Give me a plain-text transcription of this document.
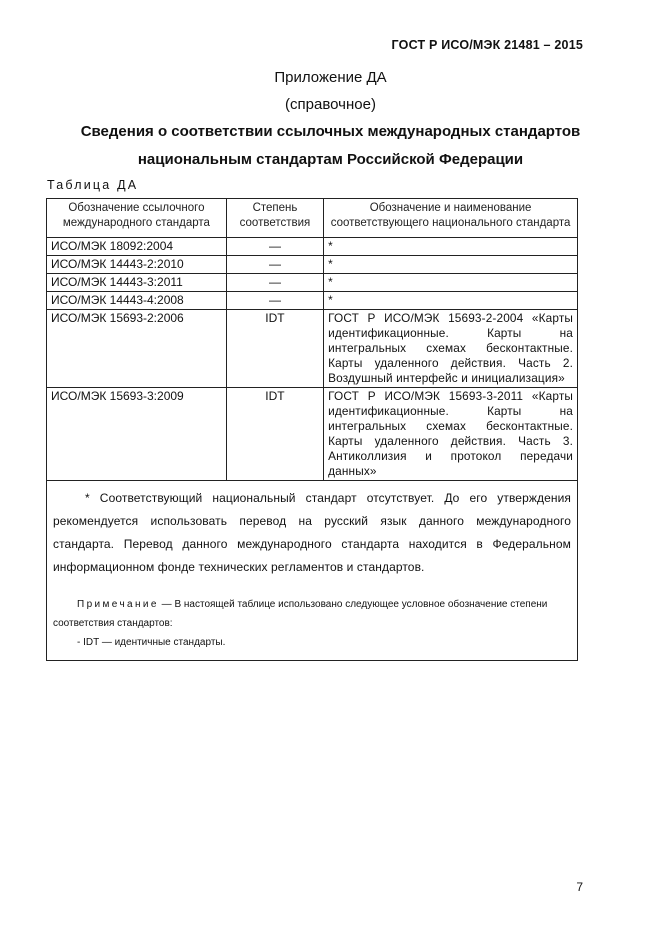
ГОСТ Р ИСО/МЭК 21481 – 2015
Приложение ДА
(справочное)
Сведения о соответствии ссылочных международных стандартов
национальным стандартам Российской Федерации
Таблица ДА
Обозначение ссылочного международного стандарта	Степень соответствия	Обозначение и наименование соответствующего национального стандарта
ИСО/МЭК 18092:2004	—	*
ИСО/МЭК 14443-2:2010	—	*
ИСО/МЭК 14443-3:2011	—	*
ИСО/МЭК 14443-4:2008	—	*
ИСО/МЭК 15693-2:2006	IDT	ГОСТ Р ИСО/МЭК 15693-2-2004 «Карты идентификационные. Карты на интегральных схемах бесконтактные. Карты удаленного действия. Часть 2. Воздушный интерфейс и инициализация»
ИСО/МЭК 15693-3:2009	IDT	ГОСТ Р ИСО/МЭК 15693-3-2011 «Карты идентификационные. Карты на интегральных схемах бесконтактные. Карты удаленного действия. Часть 3. Антиколлизия и протокол передачи данных»

* Соответствующий национальный стандарт отсутствует. До его утверждения рекомендуется использовать перевод на русский язык данного международного стандарта. Перевод данного международного стандарта находится в Федеральном информационном фонде технических регламентов и стандартов.
Примечание — В настоящей таблице использовано следующее условное обозначение степени соответствия стандартов:
- IDT — идентичные стандарты.		
7
